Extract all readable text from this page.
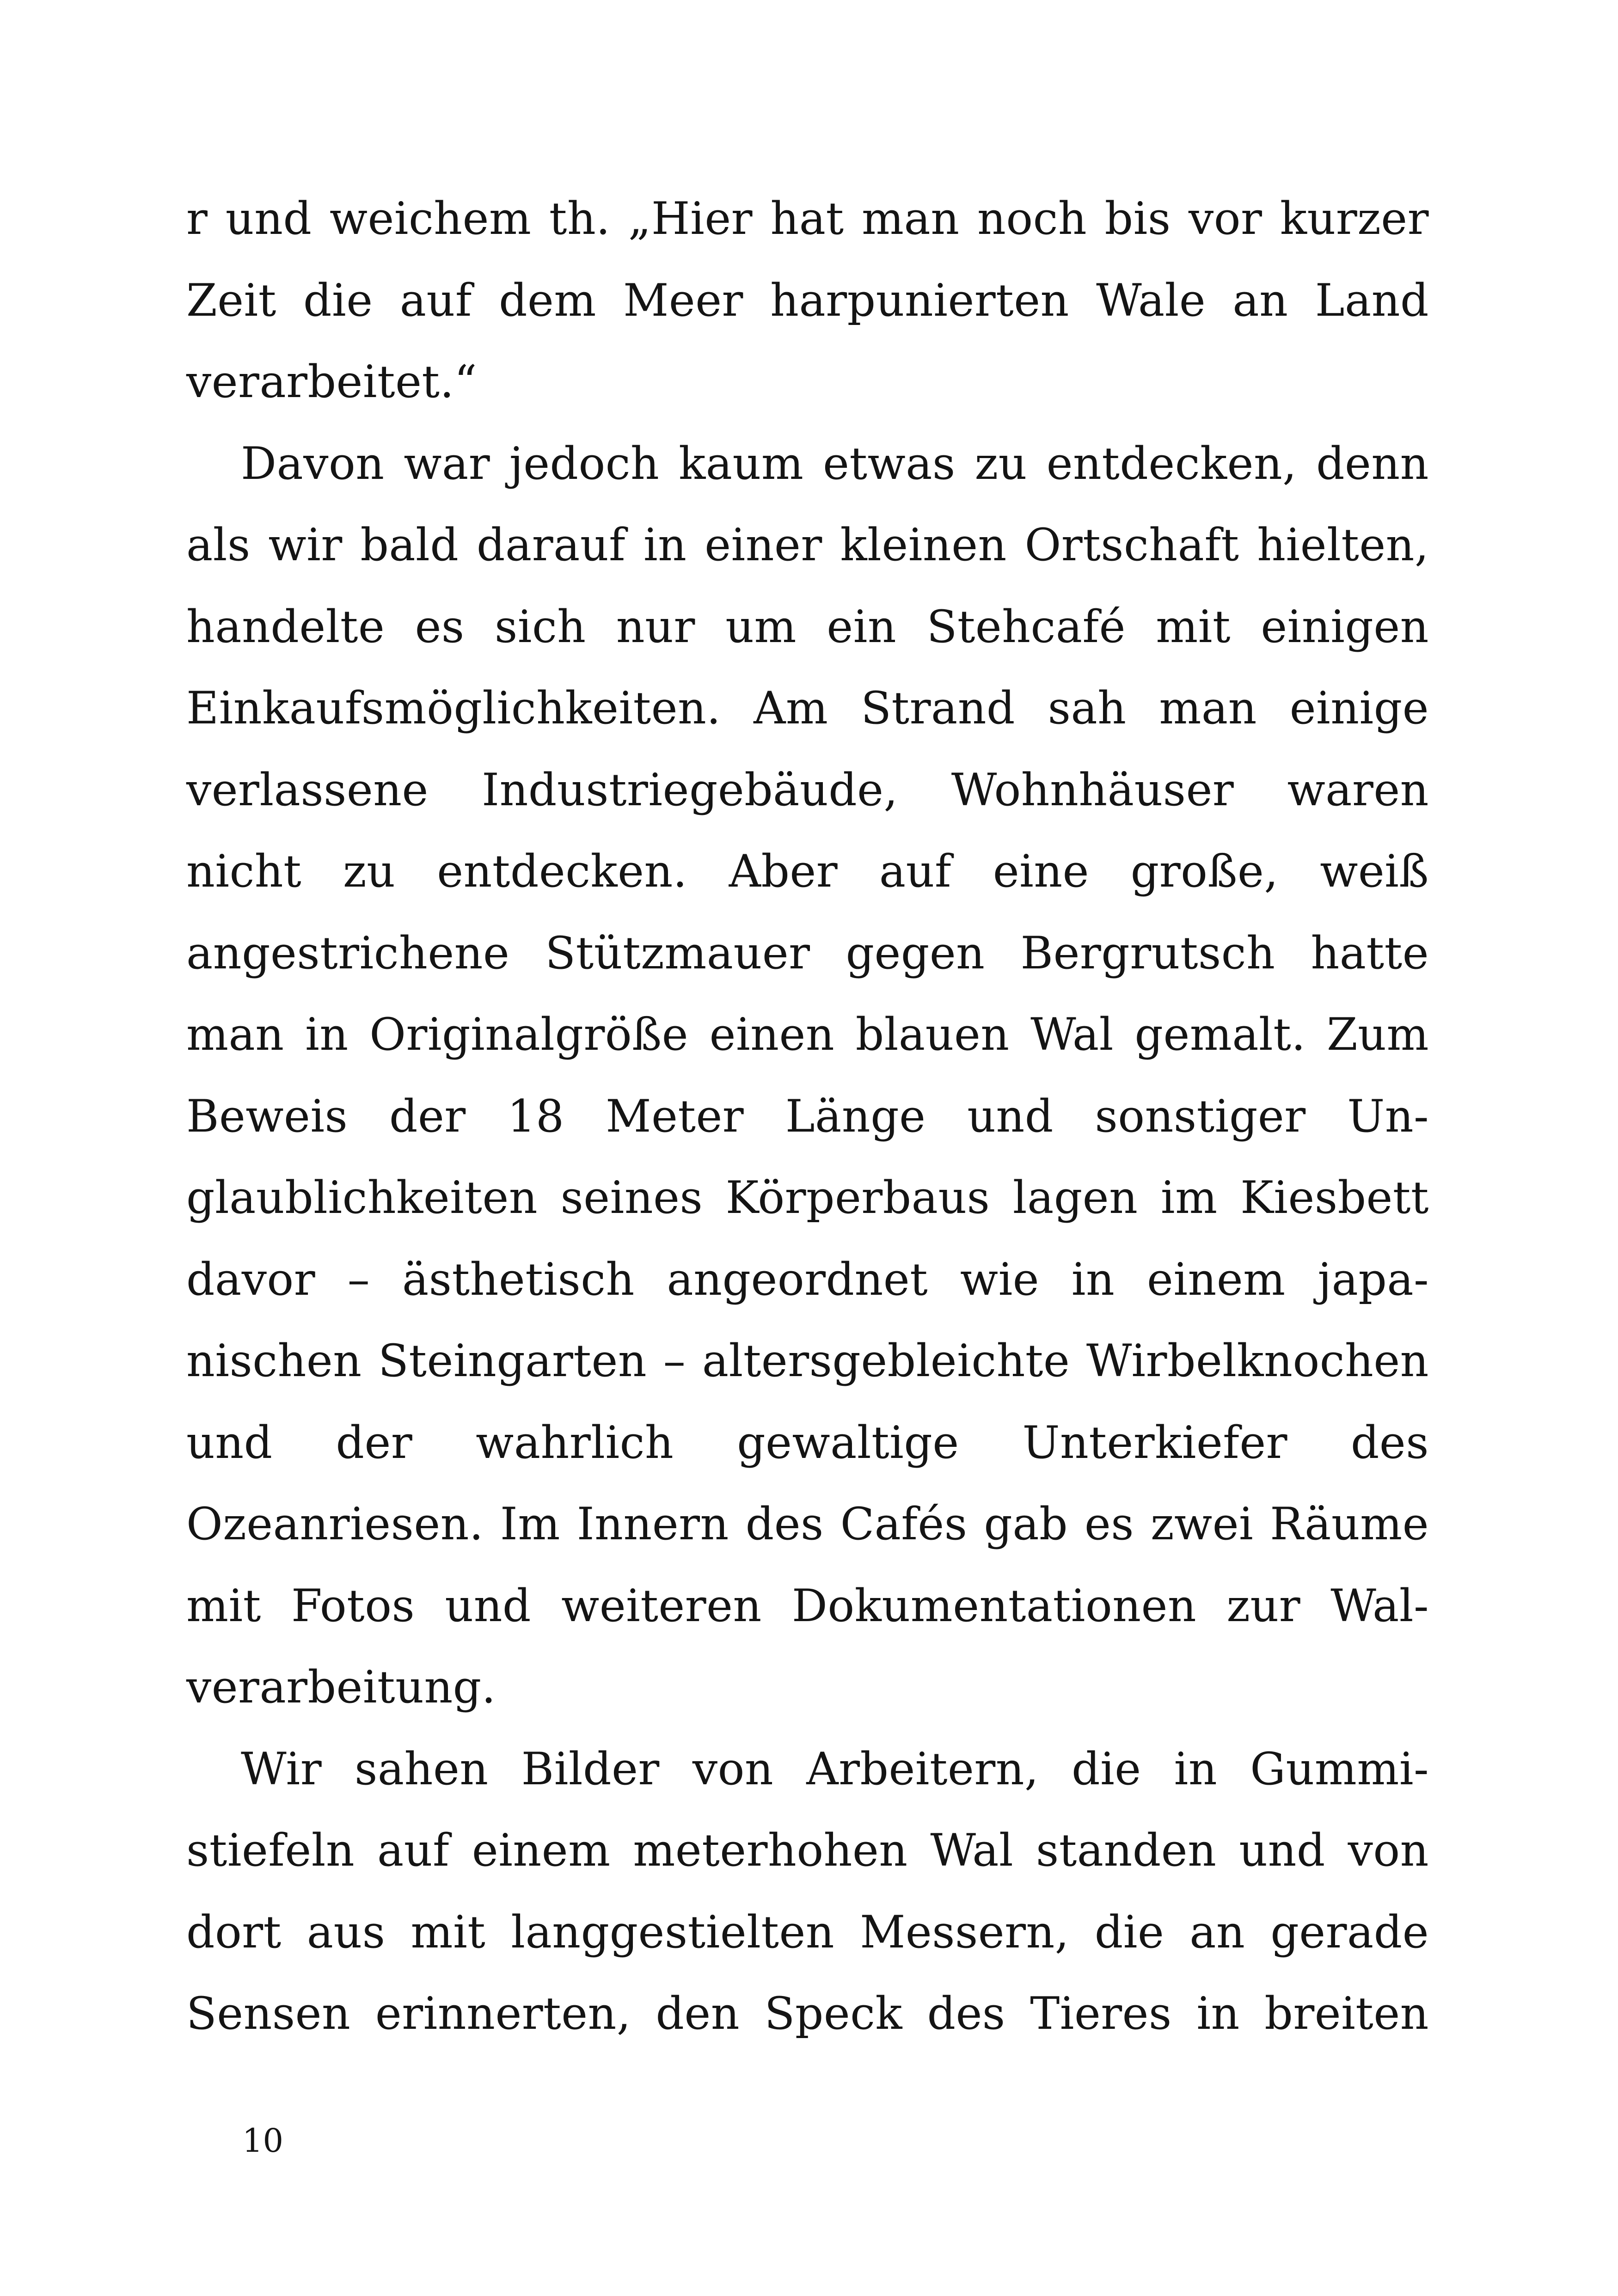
r und weichem th. „Hier hat man noch bis vor kurzer
Zeit die auf dem Meer harpunierten Wale an Land
verarbeitet.“
Davon war jedoch kaum etwas zu entdecken, denn
als wir bald darauf in einer kleinen Ortschaft hielten,
handelte es sich nur um ein Stehcafé mit einigen
Einkaufsmöglichkeiten. Am Strand sah man einige
verlassene Industriegebäude, Wohnhäuser waren
nicht zu entdecken. Aber auf eine große, weiß
angestrichene Stützmauer gegen Bergrutsch hatte
man in Originalgröße einen blauen Wal gemalt. Zum
Beweis der 18 Meter Länge und sonstiger Un-
glaublichkeiten seines Körperbaus lagen im Kiesbett
davor – ästhetisch angeordnet wie in einem japa-
nischen Steingarten – altersgebleichte Wirbelknochen
und der wahrlich gewaltige Unterkiefer des
Ozeanriesen. Im Innern des Cafés gab es zwei Räume
mit Fotos und weiteren Dokumentationen zur Wal-
verarbeitung.
Wir sahen Bilder von Arbeitern, die in Gummi-
stiefeln auf einem meterhohen Wal standen und von
dort aus mit langgestielten Messern, die an gerade
Sensen erinnerten, den Speck des Tieres in breiten
10
